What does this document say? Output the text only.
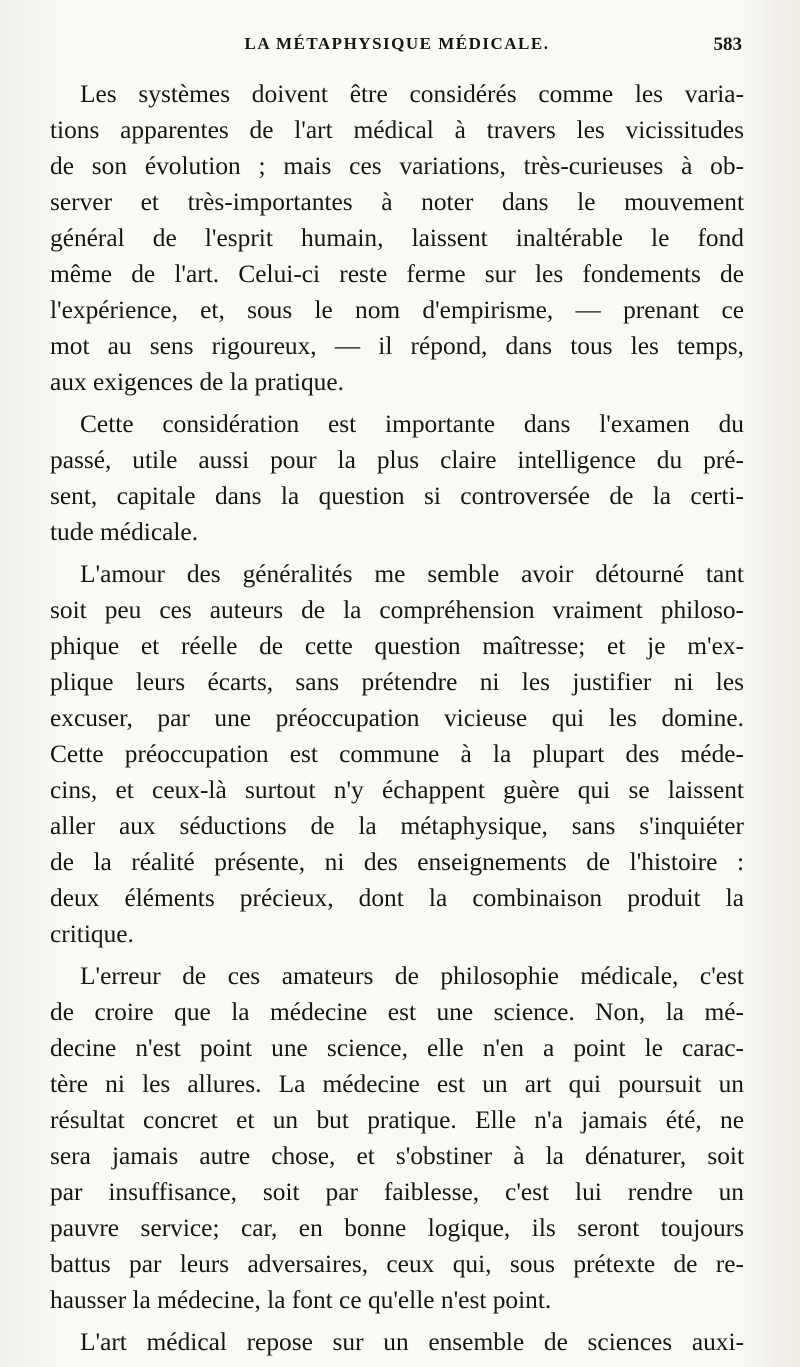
LA MÉTAPHYSIQUE MÉDICALE.	583
Les systèmes doivent être considérés comme les varia-
tions apparentes de l'art médical à travers les vicissitudes
de son évolution ; mais ces variations, très-curieuses à ob-
server et très-importantes à noter dans le mouvement
général de l'esprit humain, laissent inaltérable le fond
même de l'art. Celui-ci reste ferme sur les fondements de
l'expérience, et, sous le nom d'empirisme, — prenant ce
mot au sens rigoureux, — il répond, dans tous les temps,
aux exigences de la pratique.
Cette considération est importante dans l'examen du
passé, utile aussi pour la plus claire intelligence du pré-
sent, capitale dans la question si controversée de la certi-
tude médicale.
L'amour des généralités me semble avoir détourné tant
soit peu ces auteurs de la compréhension vraiment philoso-
phique et réelle de cette question maîtresse; et je m'ex-
plique leurs écarts, sans prétendre ni les justifier ni les
excuser, par une préoccupation vicieuse qui les domine.
Cette préoccupation est commune à la plupart des méde-
cins, et ceux-là surtout n'y échappent guère qui se laissent
aller aux séductions de la métaphysique, sans s'inquiéter
de la réalité présente, ni des enseignements de l'histoire :
deux éléments précieux, dont la combinaison produit la
critique.
L'erreur de ces amateurs de philosophie médicale, c'est
de croire que la médecine est une science. Non, la mé-
decine n'est point une science, elle n'en a point le carac-
tère ni les allures. La médecine est un art qui poursuit un
résultat concret et un but pratique. Elle n'a jamais été, ne
sera jamais autre chose, et s'obstiner à la dénaturer, soit
par insuffisance, soit par faiblesse, c'est lui rendre un
pauvre service; car, en bonne logique, ils seront toujours
battus par leurs adversaires, ceux qui, sous prétexte de re-
hausser la médecine, la font ce qu'elle n'est point.
L'art médical repose sur un ensemble de sciences auxi-
